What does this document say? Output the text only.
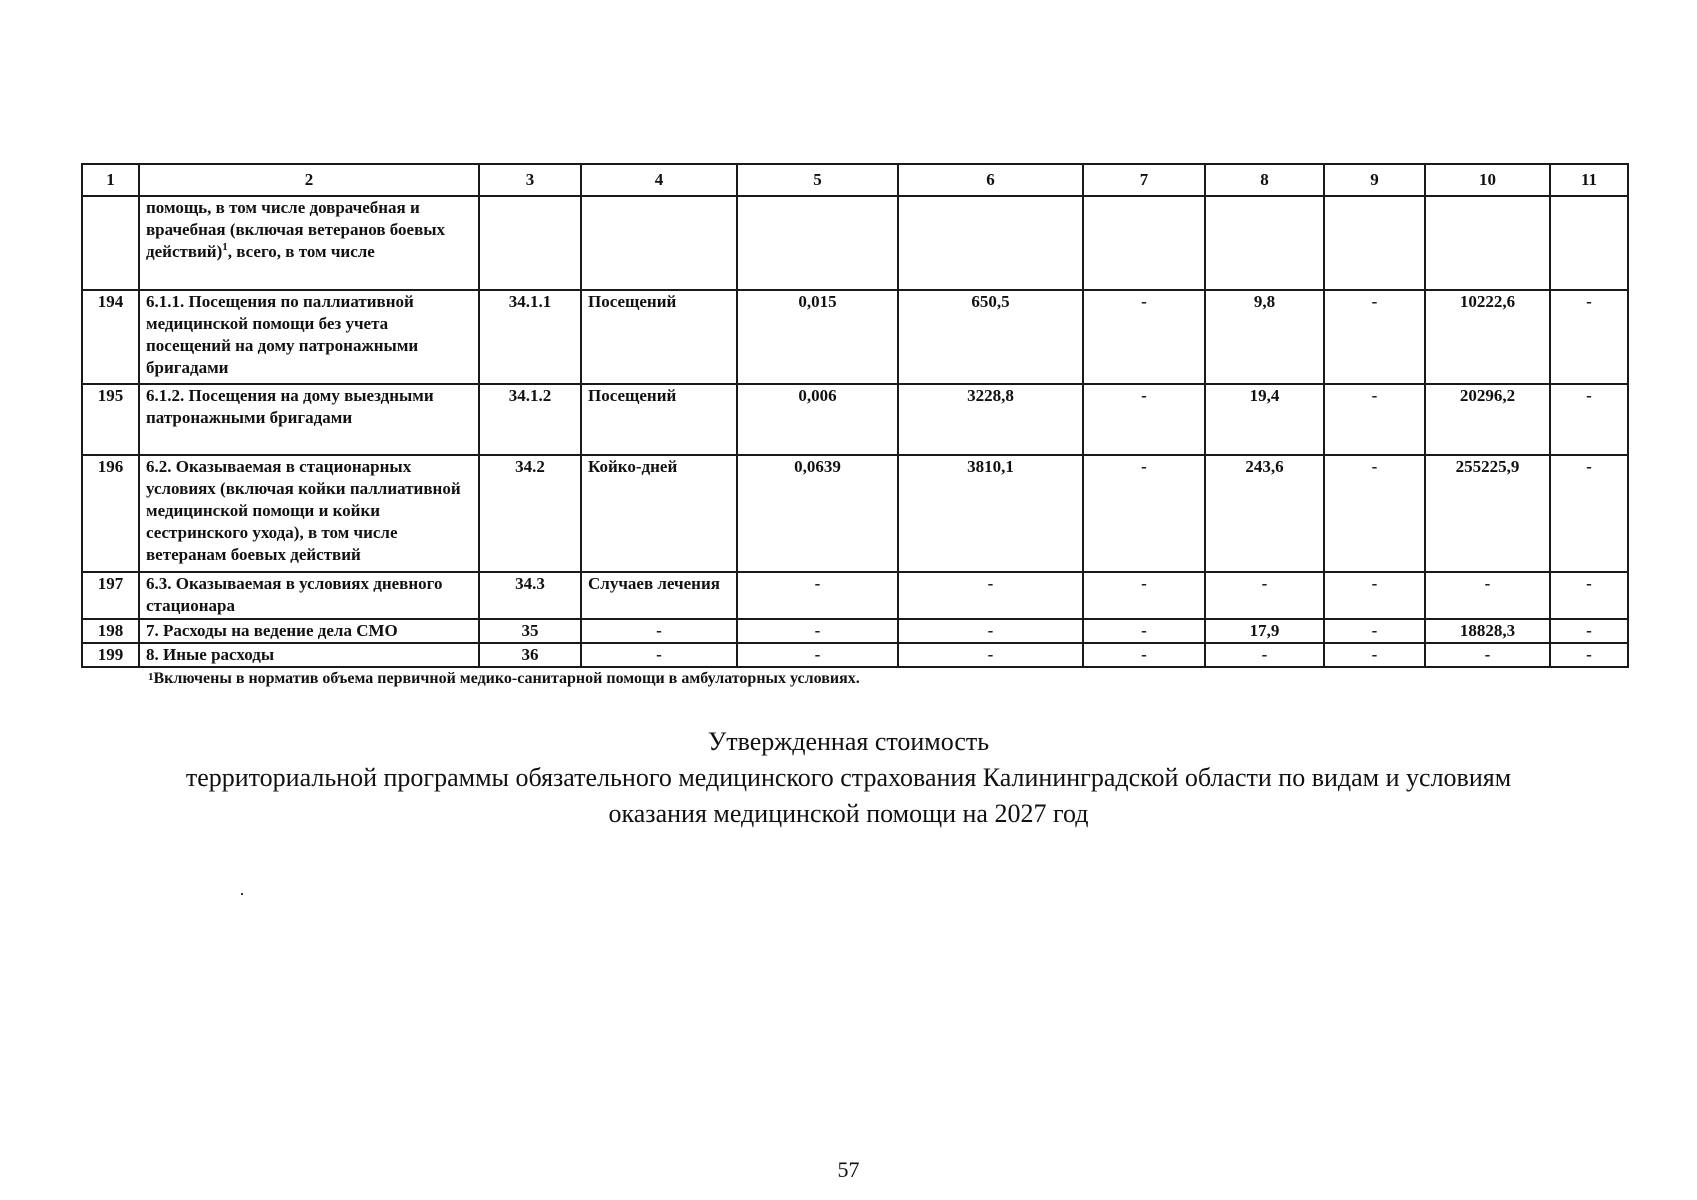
1	2	3	4	5	6	7	8	9	10	11
	помощь, в том числе доврачебная и врачебная (включая ветеранов боевых действий)$^1$, всего, в том числе									
194	6.1.1. Посещения по паллиативной медицинской помощи без учета посещений на дому патронажными бригадами	34.1.1	Посещений	0,015	650,5	-	9,8	-	10222,6	-
195	6.1.2. Посещения на дому выездными патронажными бригадами	34.1.2	Посещений	0,006	3228,8	-	19,4	-	20296,2	-
196	6.2. Оказываемая в стационарных условиях (включая койки паллиативной медицинской помощи и койки сестринского ухода), в том числе ветеранам боевых действий	34.2	Койко-дней	0,0639	3810,1	-	243,6	-	255225,9	-
197	6.3. Оказываемая в условиях дневного стационара	34.3	Случаев лечения	-	-	-	-	-	-	-
198	7. Расходы на ведение дела СМО	35	-	-	-	-	17,9	-	18828,3	-
199	8. Иные расходы	36	-	-	-	-	-	-	-	-
$^1$Включены в норматив объема первичной медико-санитарной помощи в амбулаторных условиях.
Утвержденная стоимость
территориальной программы обязательного медицинского страхования Калининградской области по видам и условиям
оказания медицинской помощи на 2027 год
57
